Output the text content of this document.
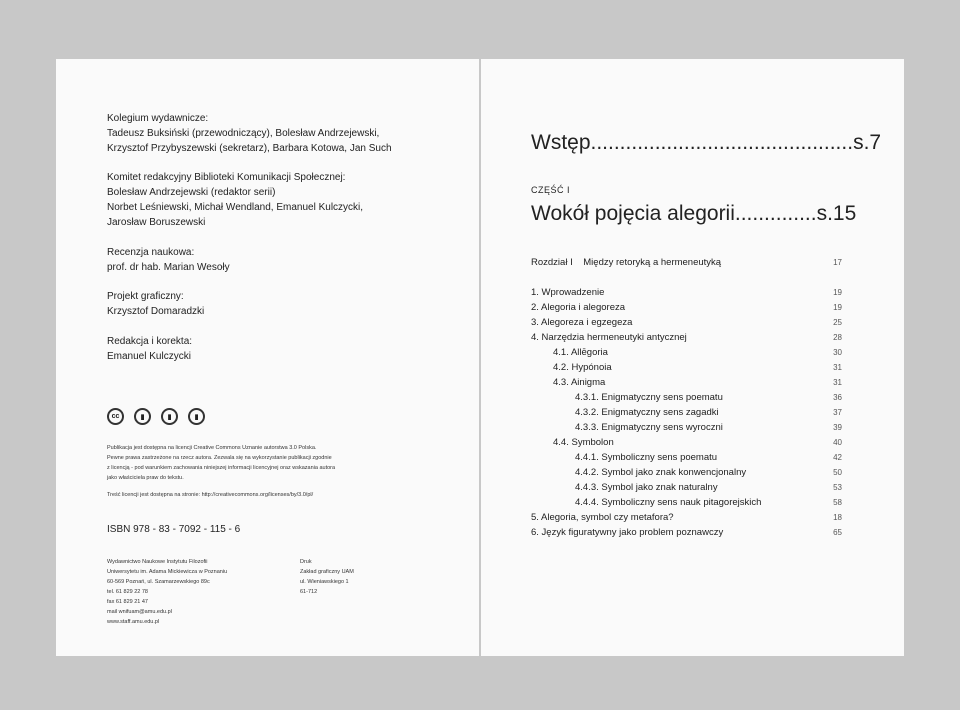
Kolegium wydawnicze:
Tadeusz Buksiński (przewodniczący), Bolesław Andrzejewski,
Krzysztof Przybyszewski (sekretarz), Barbara Kotowa, Jan Such
Komitet redakcyjny Biblioteki Komunikacji Społecznej:
Bolesław Andrzejewski (redaktor serii)
Norbet Leśniewski, Michał Wendland, Emanuel Kulczycki,
Jarosław Boruszewski
Recenzja naukowa:
prof. dr hab. Marian Wesoły
Projekt graficzny:
Krzysztof Domaradzki
Redakcja i korekta:
Emanuel Kulczycki
cc	▮	▮	▮
Publikacja jest dostępna na licencji Creative Commons Uznanie autorstwa 3.0 Polska.
Pewne prawa zastrzeżone na rzecz autora. Zezwala się na wykorzystanie publikacji zgodnie
z licencją - pod warunkiem zachowania niniejszej informacji licencyjnej oraz wskazania autora
jako właściciela praw do tekstu.
Treść licencji jest dostępna na stronie: http://creativecommons.org/licenses/by/3.0/pl/
ISBN 978 - 83 - 7092 - 115 - 6
Wydawnictwo Naukowe Instytutu Filozofii
Uniwersytetu im. Adama Mickiewicza w Poznaniu
60-569 Poznań, ul. Szamarzewskiego 89c
tel. 61 829 22 78
fax 61 829 21 47
mail wnifuam@amu.edu.pl
www.staff.amu.edu.pl
Druk
Zakład graficzny UAM
ul. Wieniawskiego 1
61-712
Wstęp.............................................s.7
CZĘŚĆ I
Wokół pojęcia alegorii..............s.15
Rozdział I    Między retoryką a hermeneutyką	17
1. Wprowadzenie	19
2. Alegoria i alegoreza	19
3. Alegoreza i egzegeza	25
4. Narzędzia hermeneutyki antycznej	28
4.1. Allēgoria	30
4.2. Hypónoia	31
4.3. Ainigma	31
4.3.1. Enigmatyczny sens poematu	36
4.3.2. Enigmatyczny sens zagadki	37
4.3.3. Enigmatyczny sens wyroczni	39
4.4. Symbolon	40
4.4.1. Symboliczny sens poematu	42
4.4.2. Symbol jako znak konwencjonalny	50
4.4.3. Symbol jako znak naturalny	53
4.4.4. Symboliczny sens nauk pitagorejskich	58
5. Alegoria, symbol czy metafora?	18
6. Język figuratywny jako problem poznawczy	65
